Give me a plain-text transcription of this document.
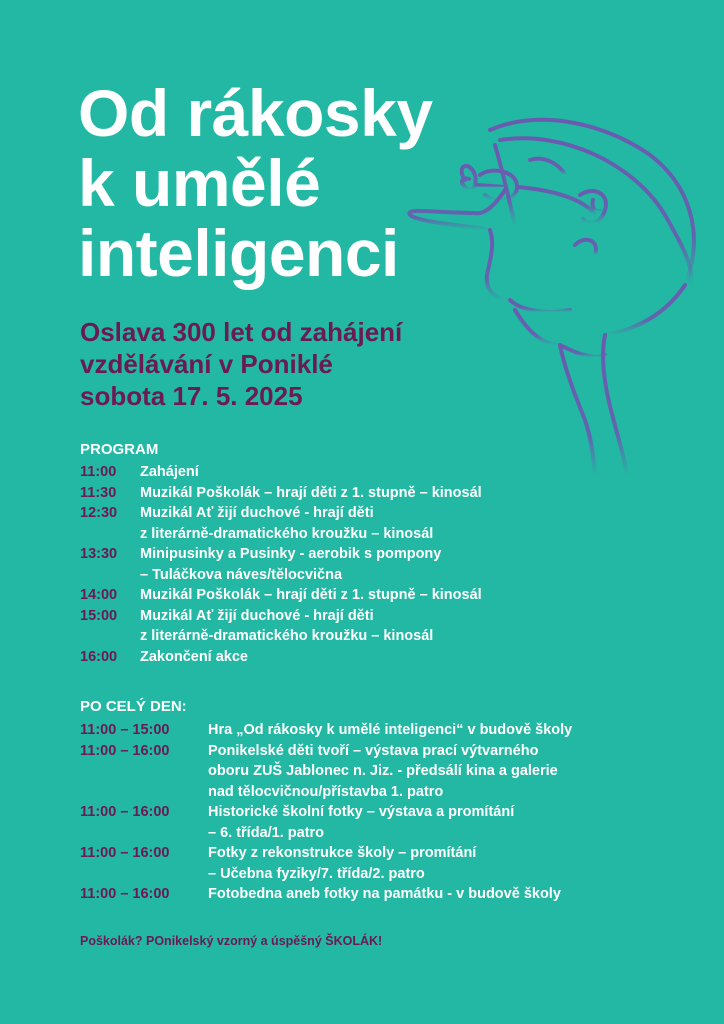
Od rákosky
k umělé
inteligenci
Oslava 300 let od zahájení
vzdělávání v Poniklé
sobota 17. 5. 2025
PROGRAM
11:00	Zahájení
11:30	Muzikál Poškolák – hrají děti z 1. stupně – kinosál
12:30	Muzikál Ať žijí duchové - hrají děti
z literárně-dramatického kroužku – kinosál
13:30	Minipusinky a Pusinky - aerobik s pompony
– Tuláčkova náves/tělocvična
14:00	Muzikál Poškolák – hrají děti z 1. stupně – kinosál
15:00	Muzikál Ať žijí duchové - hrají děti
z literárně-dramatického kroužku – kinosál
16:00	Zakončení akce
PO CELÝ DEN:
11:00 – 15:00	Hra „Od rákosky k umělé inteligenci“ v budově školy
11:00 – 16:00	Ponikelské děti tvoří – výstava prací výtvarného
oboru ZUŠ Jablonec n. Jiz. - předsálí kina a galerie
nad tělocvičnou/přístavba 1. patro
11:00 – 16:00	Historické školní fotky – výstava a promítání
– 6. třída/1. patro
11:00 – 16:00	Fotky z rekonstrukce školy – promítání
– Učebna fyziky/7. třída/2. patro
11:00 – 16:00	Fotobedna aneb fotky na památku - v budově školy

Poškolák? POnikelský vzorný a úspěšný ŠKOLÁK!
